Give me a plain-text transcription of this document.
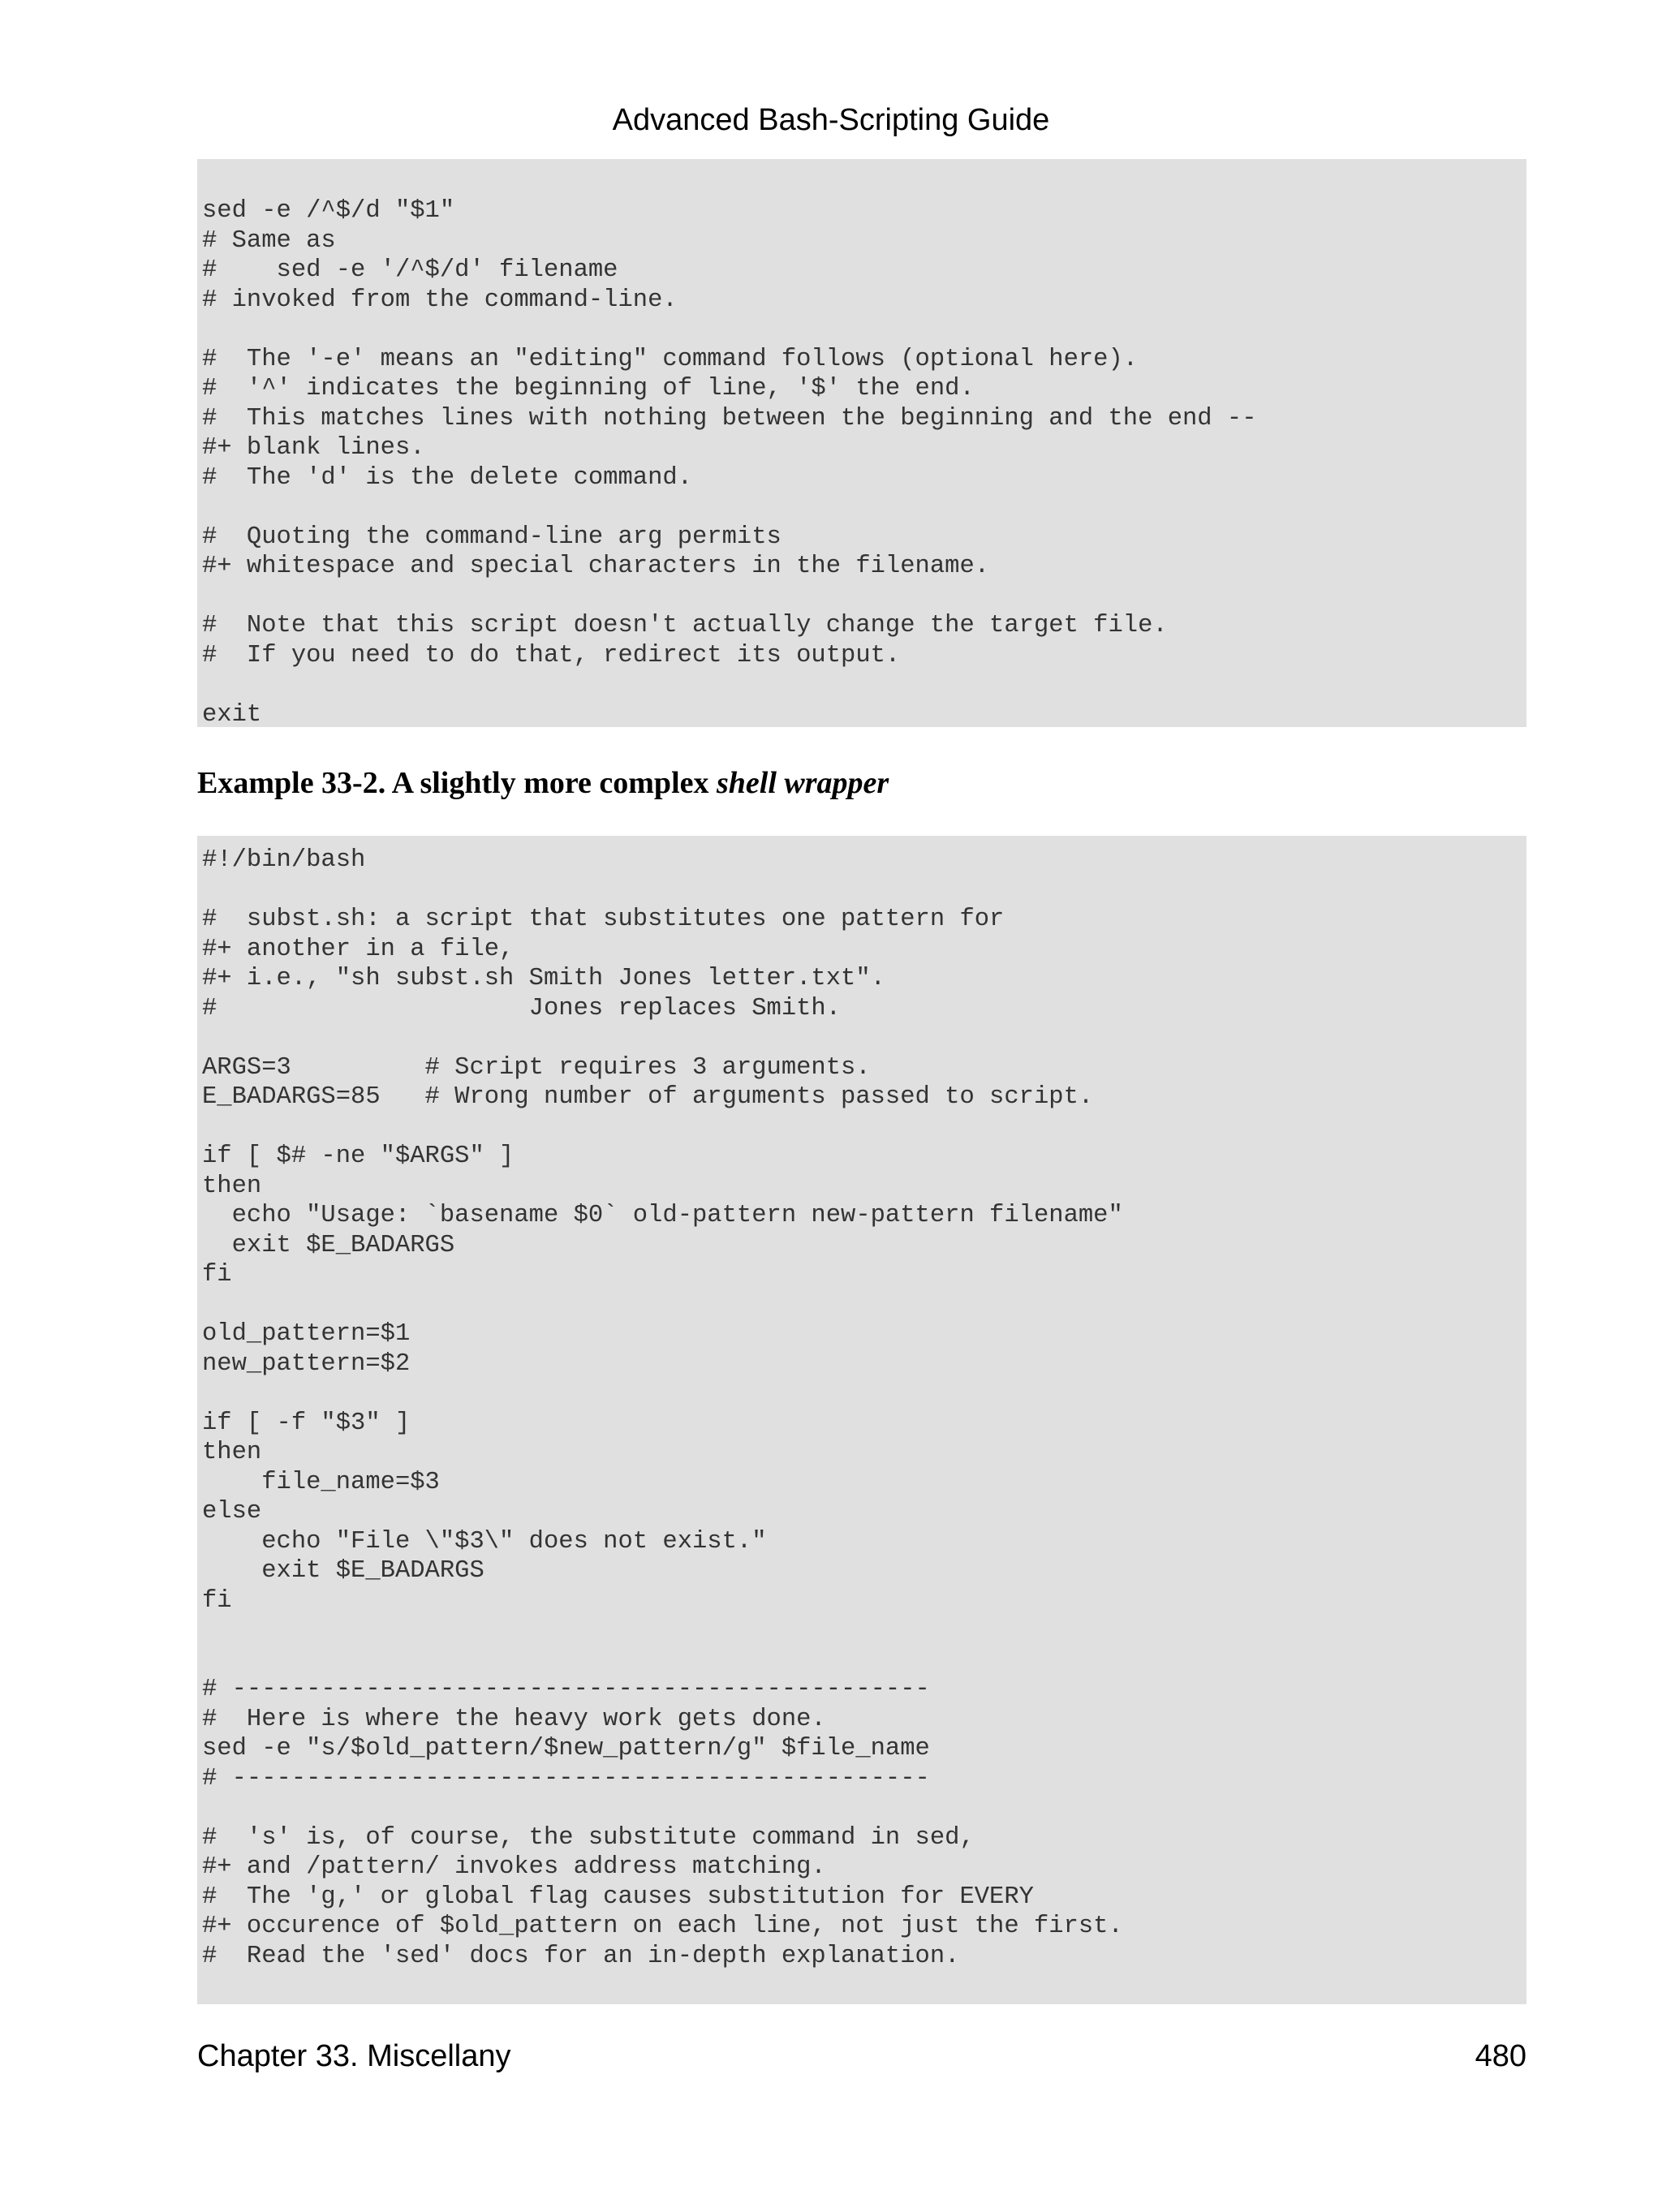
Advanced Bash-Scripting Guide
sed -e /^$/d "$1"
# Same as
#    sed -e '/^$/d' filename
# invoked from the command-line.
#  The '-e' means an "editing" command follows (optional here).
#  '^' indicates the beginning of line, '$' the end.
#  This matches lines with nothing between the beginning and the end --
#+ blank lines.
#  The 'd' is the delete command.
#  Quoting the command-line arg permits
#+ whitespace and special characters in the filename.
#  Note that this script doesn't actually change the target file.
#  If you need to do that, redirect its output.
exit
Example 33-2. A slightly more complex shell wrapper
#!/bin/bash
#  subst.sh: a script that substitutes one pattern for
#+ another in a file,
#+ i.e., "sh subst.sh Smith Jones letter.txt".
#                     Jones replaces Smith.
ARGS=3         # Script requires 3 arguments.
E_BADARGS=85   # Wrong number of arguments passed to script.
if [ $# -ne "$ARGS" ]
then
echo "Usage: `basename $0` old-pattern new-pattern filename"
exit $E_BADARGS
fi
old_pattern=$1
new_pattern=$2
if [ -f "$3" ]
then
file_name=$3
else
echo "File \"$3\" does not exist."
exit $E_BADARGS
fi
# -----------------------------------------------
#  Here is where the heavy work gets done.
sed -e "s/$old_pattern/$new_pattern/g" $file_name
# -----------------------------------------------
#  's' is, of course, the substitute command in sed,
#+ and /pattern/ invokes address matching.
#  The 'g,' or global flag causes substitution for EVERY
#+ occurence of $old_pattern on each line, not just the first.
#  Read the 'sed' docs for an in-depth explanation.
Chapter 33. Miscellany	480
